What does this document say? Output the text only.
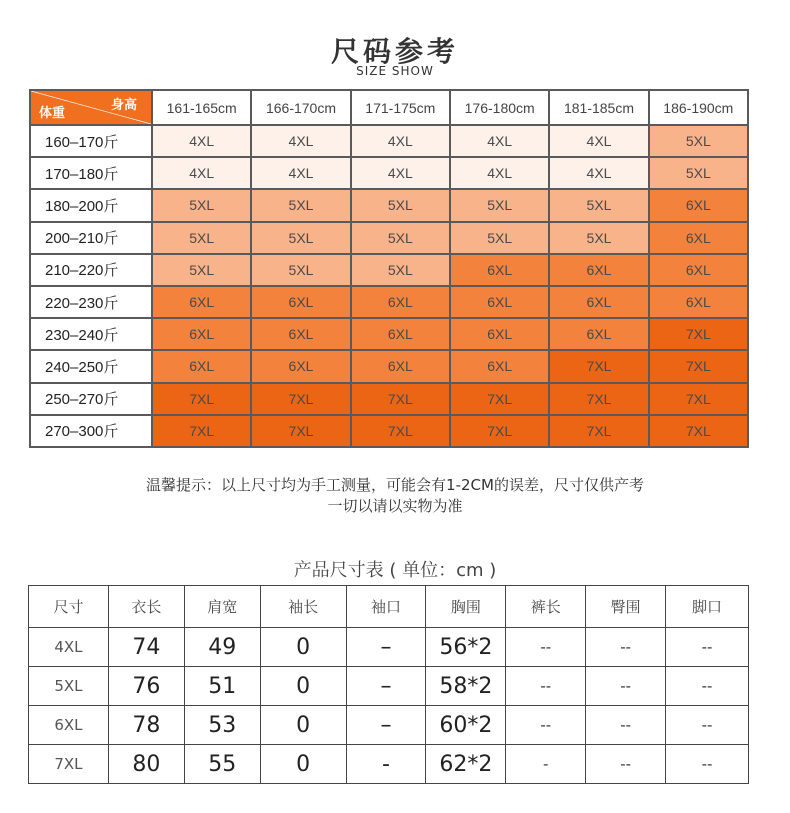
尺码参考
SIZE SHOW
身高
体重	161-165cm	166-170cm	171-175cm	176-180cm	181-185cm	186-190cm
160–170斤	4XL	4XL	4XL	4XL	4XL	5XL
170–180斤	4XL	4XL	4XL	4XL	4XL	5XL
180–200斤	5XL	5XL	5XL	5XL	5XL	6XL
200–210斤	5XL	5XL	5XL	5XL	5XL	6XL
210–220斤	5XL	5XL	5XL	6XL	6XL	6XL
220–230斤	6XL	6XL	6XL	6XL	6XL	6XL
230–240斤	6XL	6XL	6XL	6XL	6XL	7XL
240–250斤	6XL	6XL	6XL	6XL	7XL	7XL
250–270斤	7XL	7XL	7XL	7XL	7XL	7XL
270–300斤	7XL	7XL	7XL	7XL	7XL	7XL
温馨提示：以上尺寸均为手工测量，可能会有1-2CM的误差，尺寸仅供产考
一切以请以实物为准
产品尺寸表 ( 单位：cm )
尺寸	衣长	肩宽	袖长	袖口	胸围	裤长	臀围	脚口
4XL	74	49	0	–	56*2	--	--	--
5XL	76	51	0	–	58*2	--	--	--
6XL	78	53	0	–	60*2	--	--	--
7XL	80	55	0	-	62*2	-	--	--
